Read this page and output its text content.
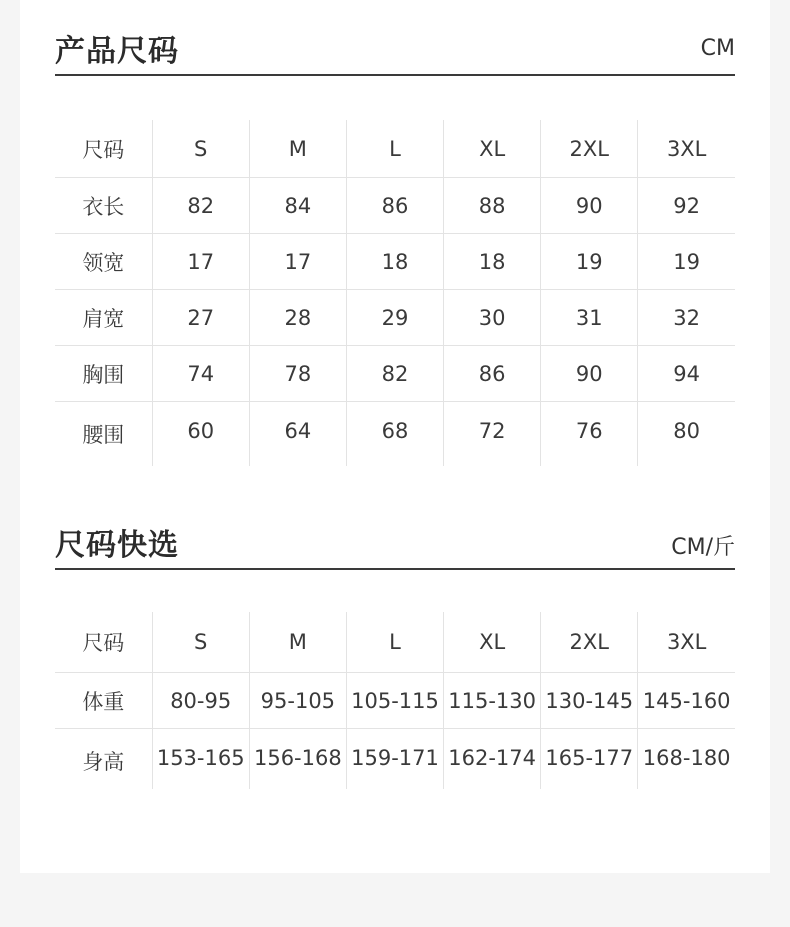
产品尺码	CM
尺码	S	M	L	XL	2XL	3XL
衣长	82	84	86	88	90	92
领宽	17	17	18	18	19	19
肩宽	27	28	29	30	31	32
胸围	74	78	82	86	90	94
腰围	60	64	68	72	76	80
尺码快选	CM/斤
尺码	S	M	L	XL	2XL	3XL
体重	80-95	95-105	105-115	115-130	130-145	145-160
身高	153-165	156-168	159-171	162-174	165-177	168-180
